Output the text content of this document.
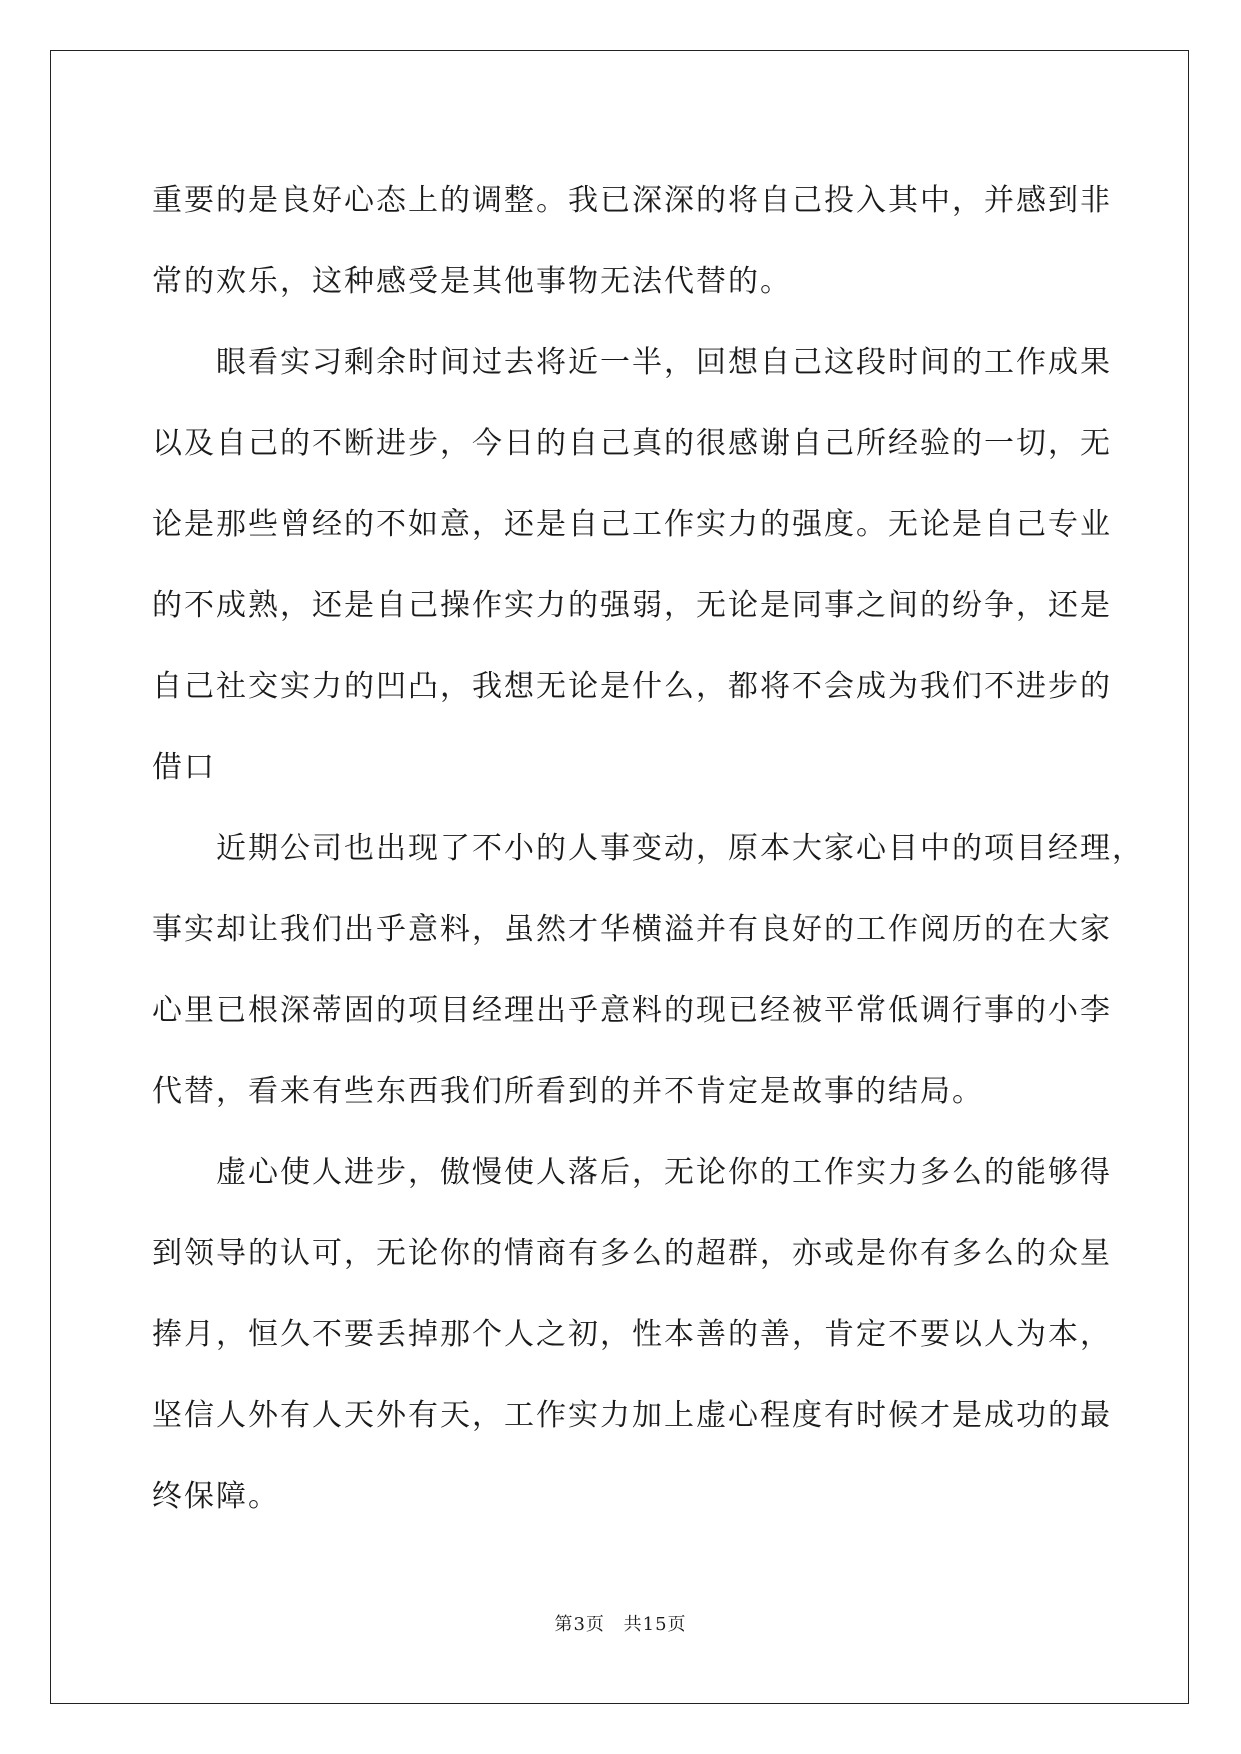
重要的是良好心态上的调整。我已深深的将自己投入其中，并感到非

常的欢乐，这种感受是其他事物无法代替的。

眼看实习剩余时间过去将近一半，回想自己这段时间的工作成果

以及自己的不断进步，今日的自己真的很感谢自己所经验的一切，无

论是那些曾经的不如意，还是自己工作实力的强度。无论是自己专业

的不成熟，还是自己操作实力的强弱，无论是同事之间的纷争，还是

自己社交实力的凹凸，我想无论是什么，都将不会成为我们不进步的

借口

近期公司也出现了不小的人事变动，原本大家心目中的项目经理，

事实却让我们出乎意料，虽然才华横溢并有良好的工作阅历的在大家

心里已根深蒂固的项目经理出乎意料的现已经被平常低调行事的小李

代替，看来有些东西我们所看到的并不肯定是故事的结局。

虚心使人进步，傲慢使人落后，无论你的工作实力多么的能够得

到领导的认可，无论你的情商有多么的超群，亦或是你有多么的众星

捧月，恒久不要丢掉那个人之初，性本善的善，肯定不要以人为本，

坚信人外有人天外有天，工作实力加上虚心程度有时候才是成功的最

终保障。

第3页 共15页
